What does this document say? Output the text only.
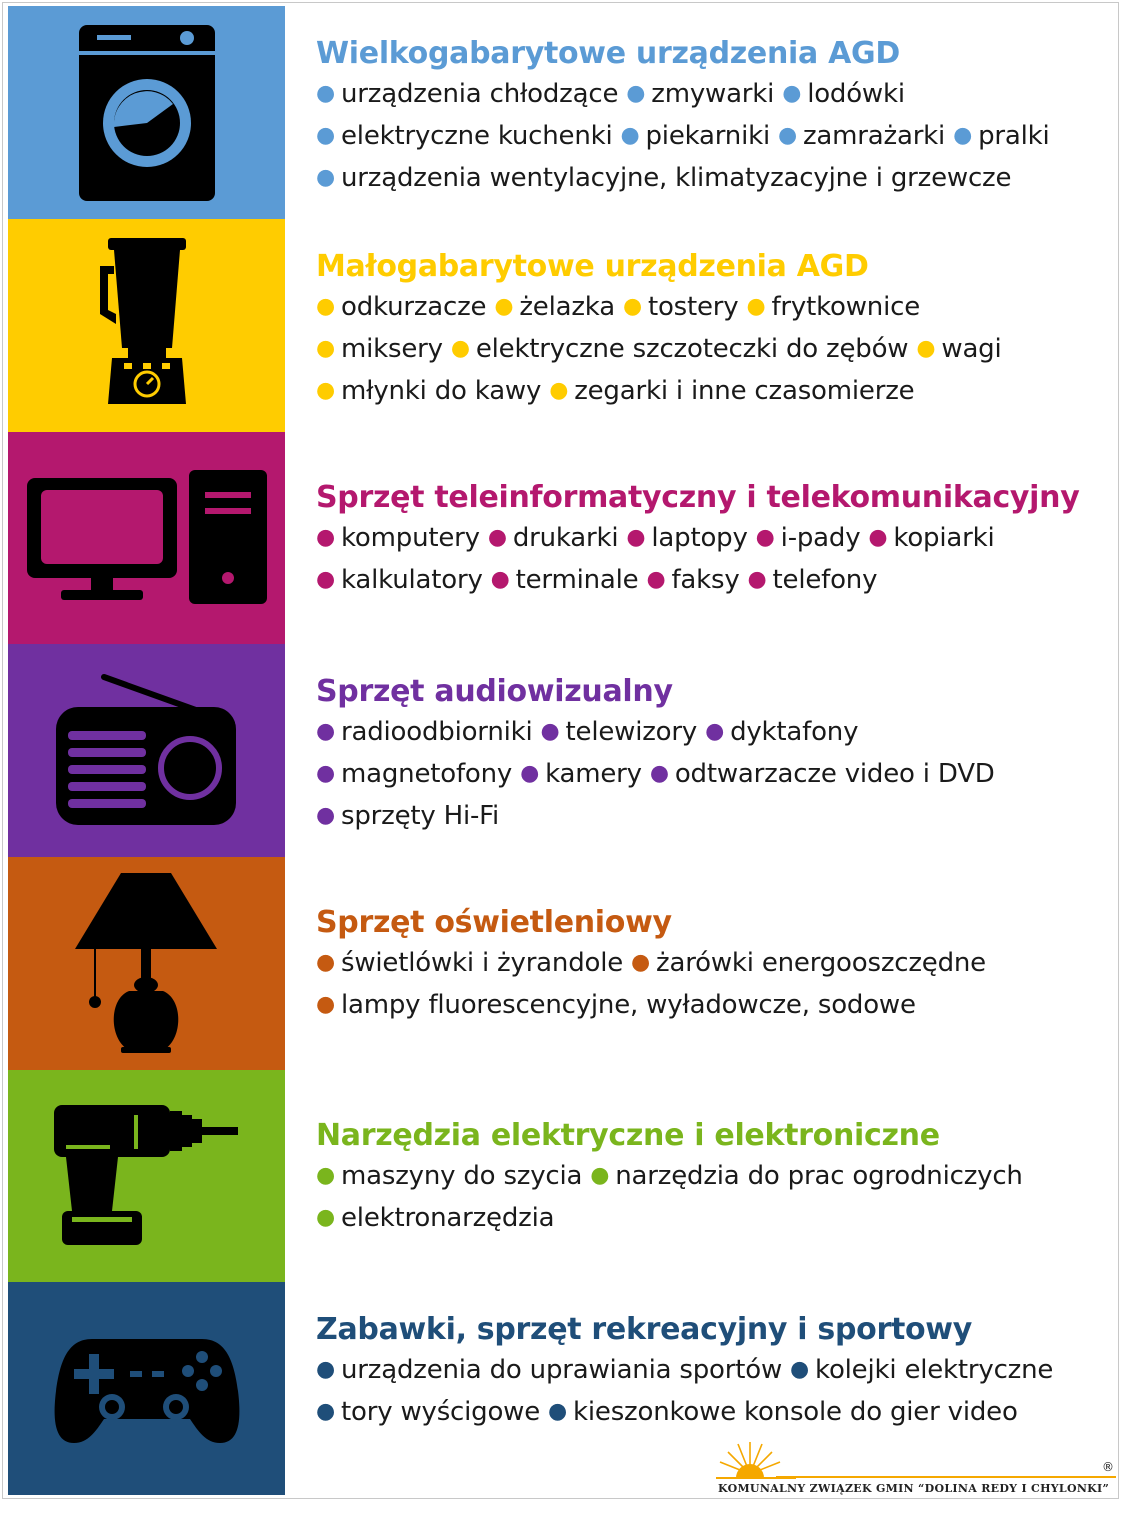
Wielkogabarytowe urządzenia AGD
● urządzenia chłodzące ● zmywarki ● lodówki
● elektryczne kuchenki ● piekarniki ● zamrażarki ● pralki
● urządzenia wentylacyjne, klimatyzacyjne i grzewcze
Małogabarytowe urządzenia AGD
● odkurzacze ● żelazka ● tostery ● frytkownice
● miksery ● elektryczne szczoteczki do zębów ● wagi
● młynki do kawy ● zegarki i inne czasomierze
Sprzęt teleinformatyczny i telekomunikacyjny
● komputery ● drukarki ● laptopy ● i-pady ● kopiarki
● kalkulatory ● terminale ● faksy ● telefony
Sprzęt audiowizualny
● radioodbiorniki ● telewizory ● dyktafony
● magnetofony ● kamery ● odtwarzacze video i DVD
● sprzęty Hi-Fi
Sprzęt oświetleniowy
● świetlówki i żyrandole ● żarówki energooszczędne
● lampy fluorescencyjne, wyładowcze, sodowe
Narzędzia elektryczne i elektroniczne
● maszyny do szycia ● narzędzia do prac ogrodniczych
● elektronarzędzia
Zabawki, sprzęt rekreacyjny i sportowy
● urządzenia do uprawiania sportów ● kolejki elektryczne
● tory wyścigowe ● kieszonkowe konsole do gier video
®
KOMUNALNY ZWIĄZEK GMIN “DOLINA REDY I CHYLONKI”
